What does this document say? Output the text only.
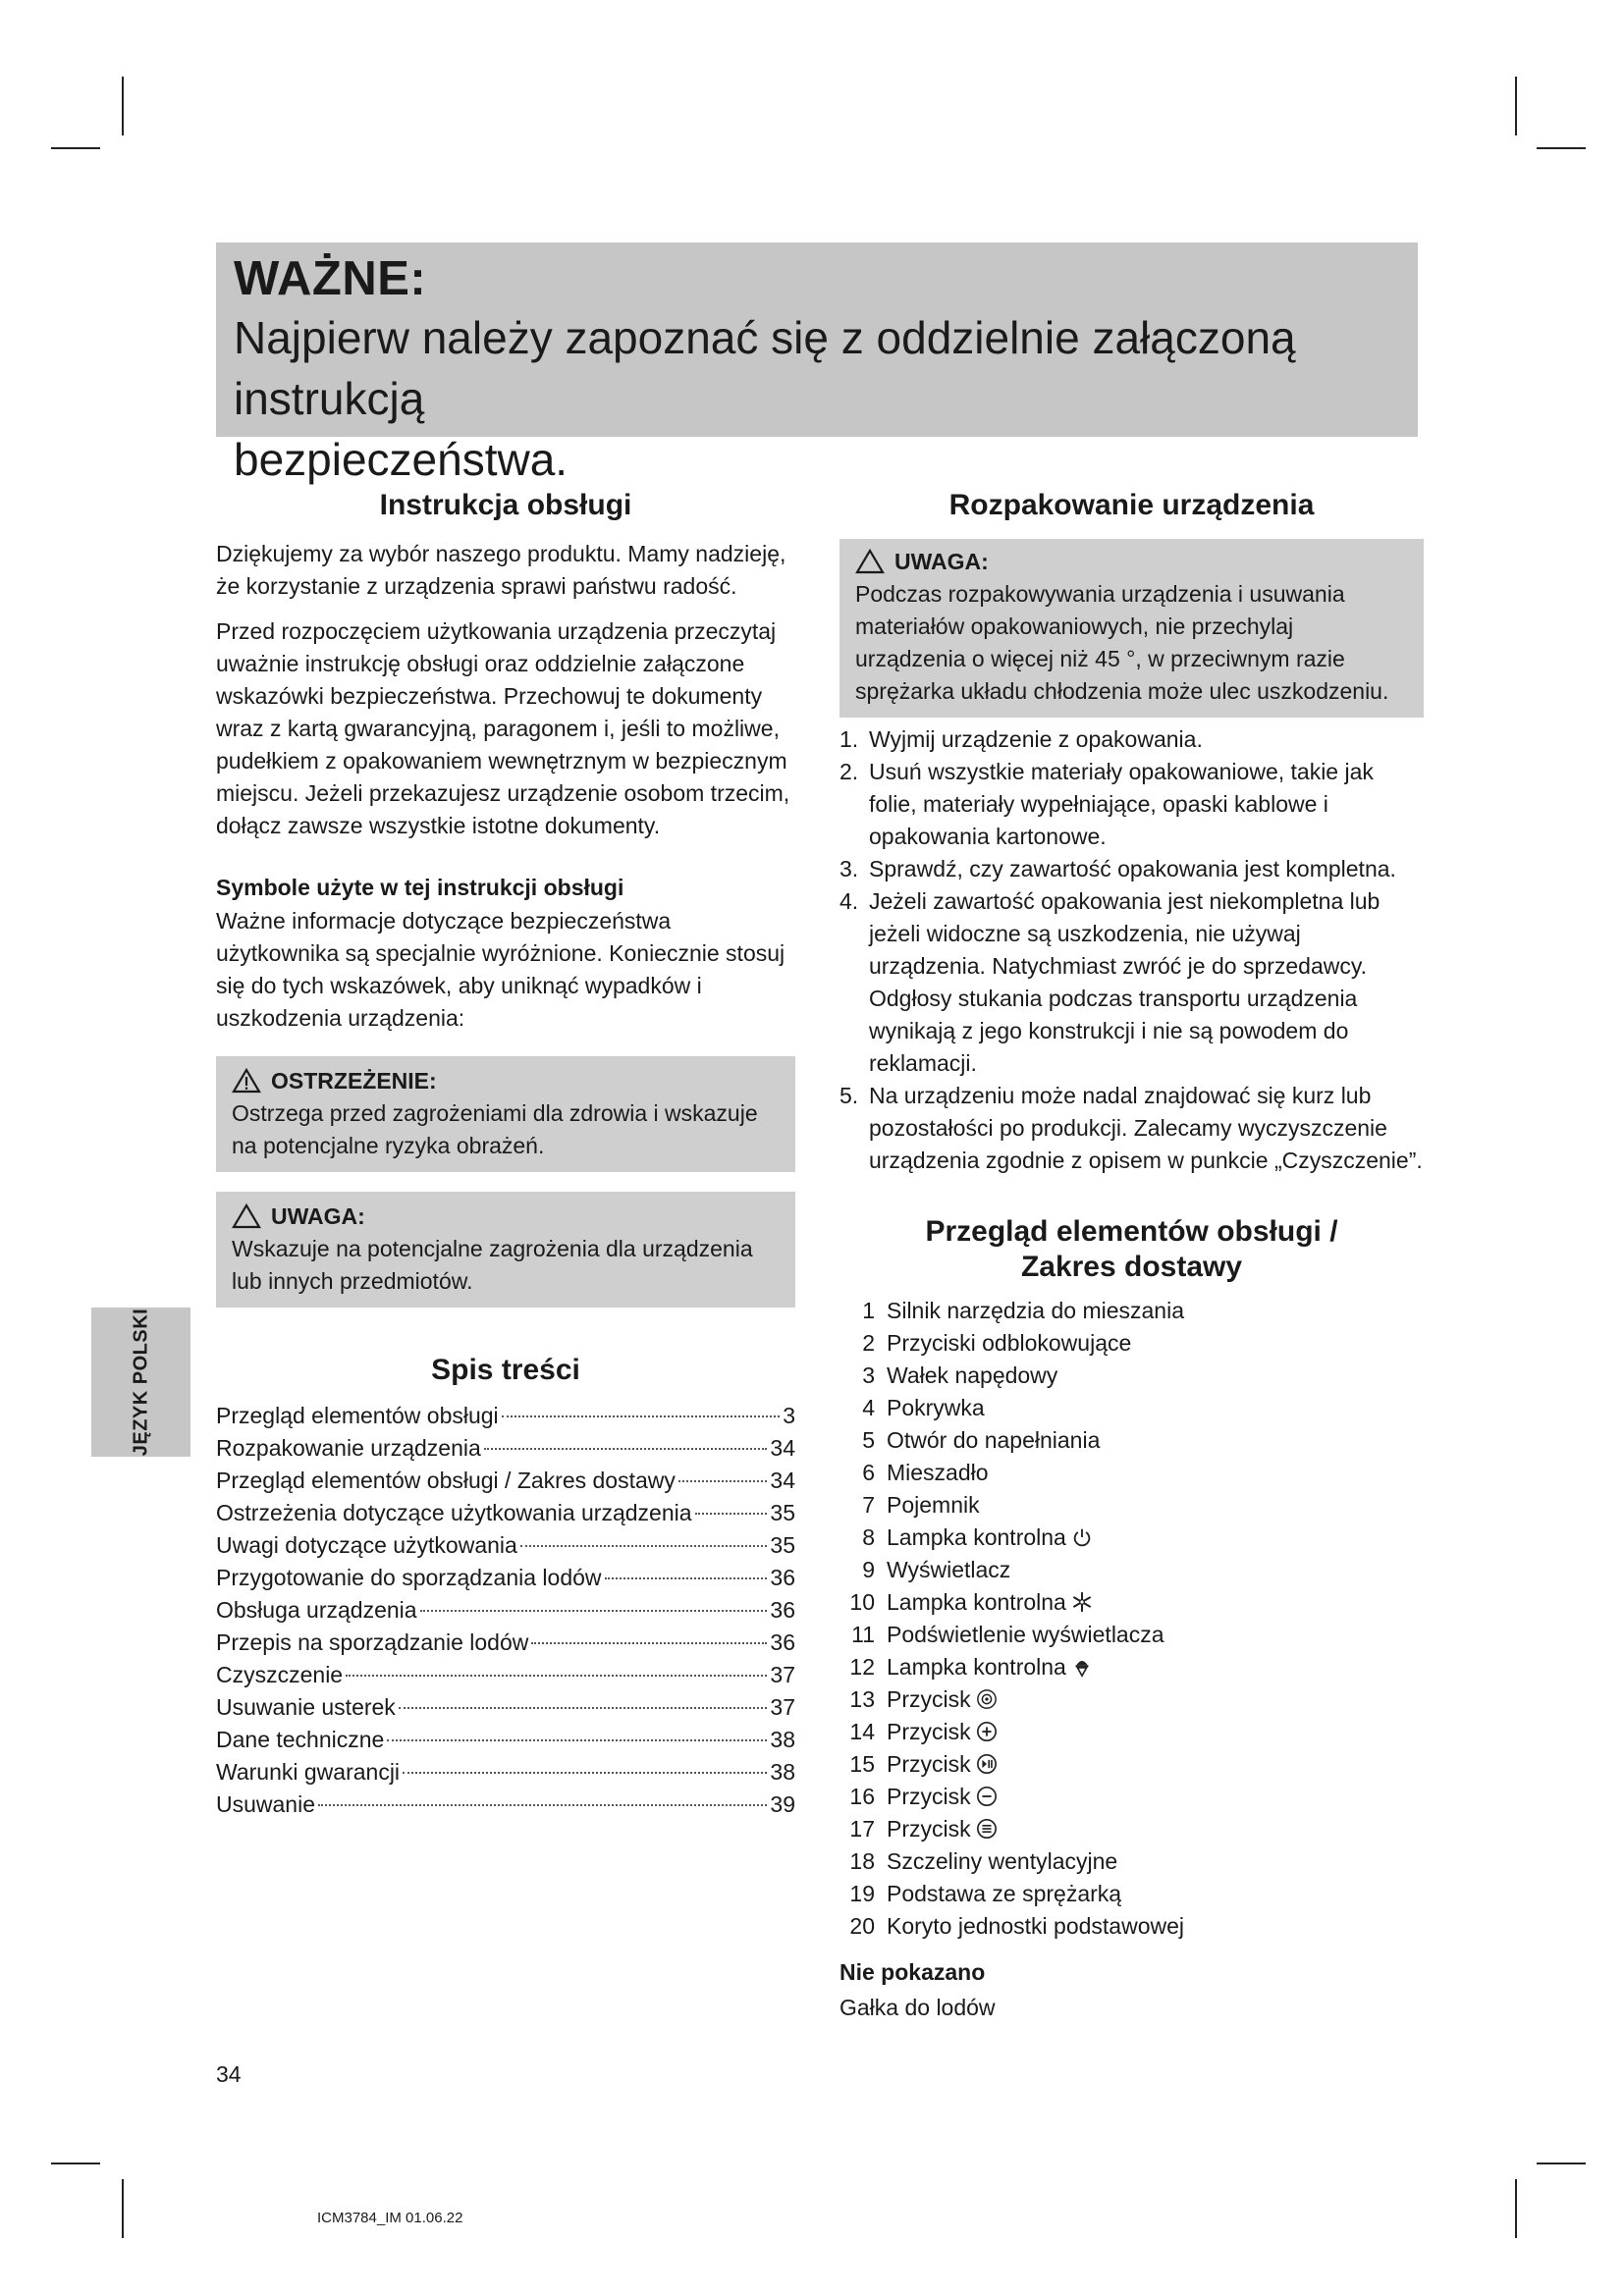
WAŻNE:
Najpierw należy zapoznać się z oddzielnie załączoną instrukcją
bezpieczeństwa.
Instrukcja obsługi

Dziękujemy za wybór naszego produktu. Mamy nadzieję, że korzystanie z urządzenia sprawi państwu radość.

Przed rozpoczęciem użytkowania urządzenia przeczytaj uważnie instrukcję obsługi oraz oddzielnie załączone wskazówki bezpieczeństwa. Przechowuj te dokumenty wraz z kartą gwarancyjną, paragonem i, jeśli to możliwe, pudełkiem z opakowaniem wewnętrznym w bezpiecznym miejscu. Jeżeli przekazujesz urządzenie osobom trzecim, dołącz zawsze wszystkie istotne dokumenty.

Symbole użyte w tej instrukcji obsługi

Ważne informacje dotyczące bezpieczeństwa użytkownika są specjalnie wyróżnione. Koniecznie stosuj się do tych wskazówek, aby uniknąć wypadków i uszkodzenia urządzenia:

OSTRZEŻENIE:

Ostrzega przed zagrożeniami dla zdrowia i wskazuje na potencjalne ryzyka obrażeń.

UWAGA:

Wskazuje na potencjalne zagrożenia dla urządzenia lub innych przedmiotów.

Spis treści
Przegląd elementów obsługi	3
Rozpakowanie urządzenia	34
Przegląd elementów obsługi / Zakres dostawy	34
Ostrzeżenia dotyczące użytkowania urządzenia	35
Uwagi dotyczące użytkowania	35
Przygotowanie do sporządzania lodów	36
Obsługa urządzenia	36
Przepis na sporządzanie lodów	36
Czyszczenie	37
Usuwanie usterek	37
Dane techniczne	38
Warunki gwarancji	38
Usuwanie	39
Rozpakowanie urządzenia
UWAGA:

Podczas rozpakowywania urządzenia i usuwania materiałów opakowaniowych, nie przechylaj urządzenia o więcej niż 45 °, w przeciwnym razie sprężarka układu chłodzenia może ulec uszkodzeniu.

1. Wyjmij urządzenie z opakowania.
2. Usuń wszystkie materiały opakowaniowe, takie jak folie, materiały wypełniające, opaski kablowe i opakowania kartonowe.
3. Sprawdź, czy zawartość opakowania jest kompletna.
4. Jeżeli zawartość opakowania jest niekompletna lub jeżeli widoczne są uszkodzenia, nie używaj urządzenia. Natychmiast zwróć je do sprzedawcy. Odgłosy stukania podczas transportu urządzenia wynikają z jego konstrukcji i nie są powodem do reklamacji.
5. Na urządzeniu może nadal znajdować się kurz lub pozostałości po produkcji. Zalecamy wyczyszczenie urządzenia zgodnie z opisem w punkcie „Czyszczenie”.
Przegląd elementów obsługi /
Zakres dostawy
1 Silnik narzędzia do mieszania
2 Przyciski odblokowujące
3 Wałek napędowy
4 Pokrywka
5 Otwór do napełniania
6 Mieszadło
7 Pojemnik
8 Lampka kontrolna
9 Wyświetlacz
10 Lampka kontrolna
11 Podświetlenie wyświetlacza
12 Lampka kontrolna
13 Przycisk
14 Przycisk
15 Przycisk
16 Przycisk
17 Przycisk
18 Szczeliny wentylacyjne
19 Podstawa ze sprężarką
20 Koryto jednostki podstawowej
Nie pokazano

Gałka do lodów

JĘZYK POLSKI
34
ICM3784_IM 01.06.22
